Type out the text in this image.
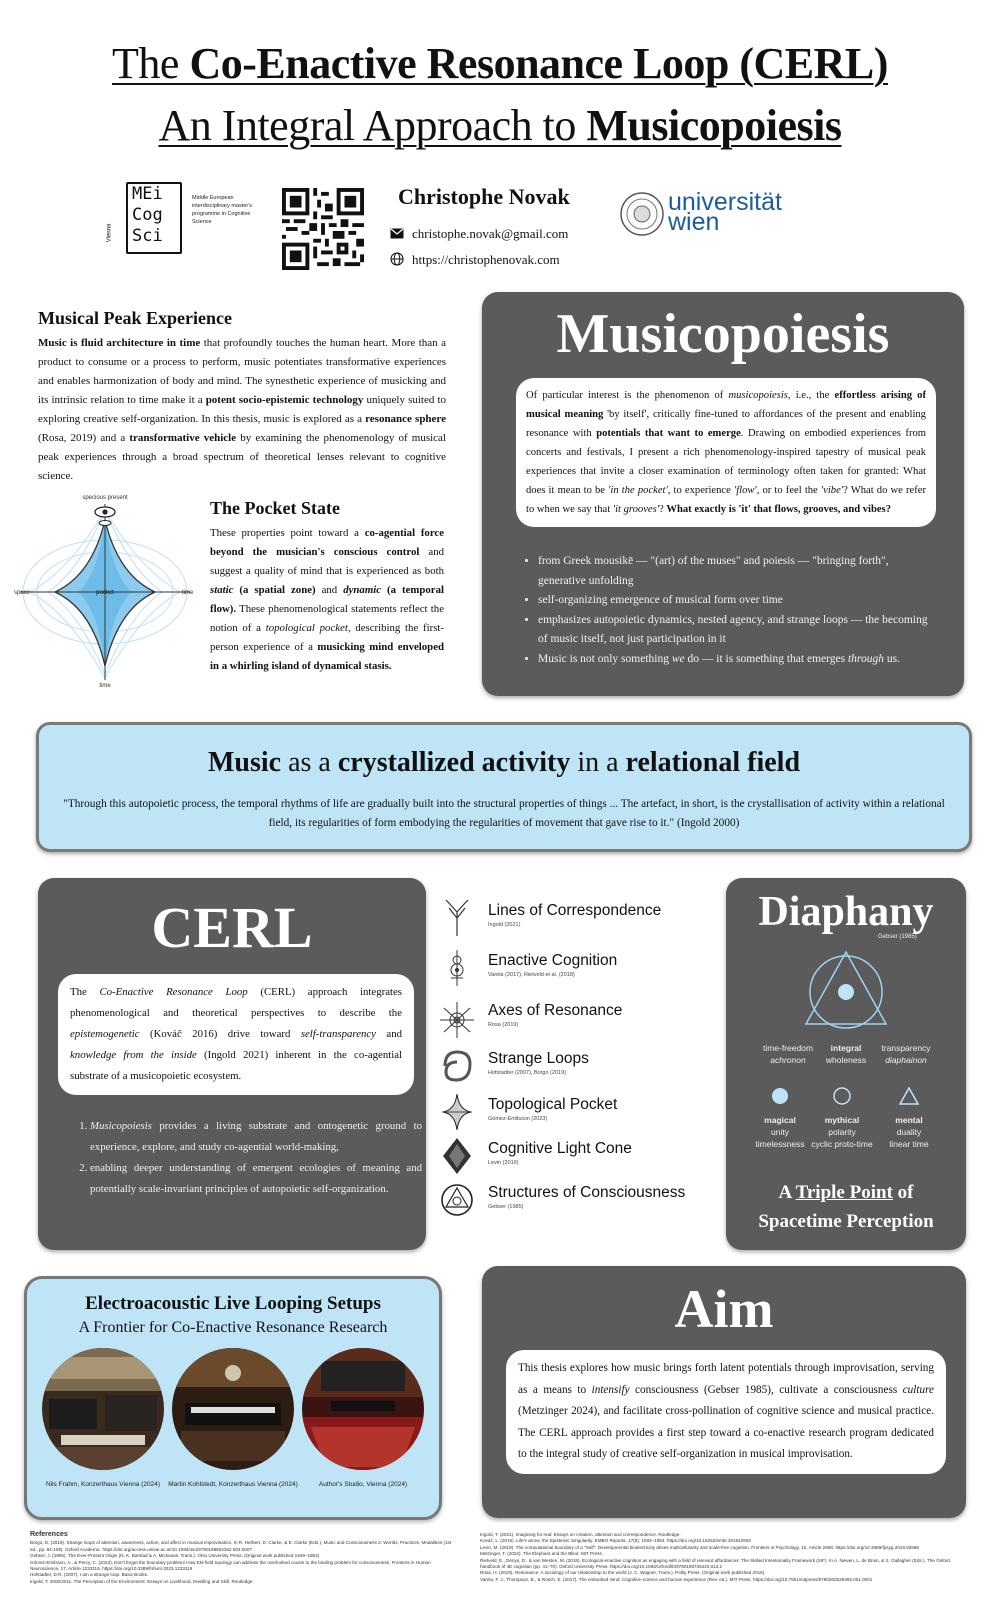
The Co-Enactive Resonance Loop (CERL)
An Integral Approach to Musicopoiesis
Vienna
MEi
Cog
Sci
Middle European interdisciplinary master's programme in Cognitive Science
Christophe Novak
christophe.novak@gmail.com
https://christophenovak.com
universität
wien
Musical Peak Experience

Music is fluid architecture in time that profoundly touches the human heart. More than a product to consume or a process to perform, music potentiates transformative experiences and enables harmonization of body and mind. The synesthetic experience of musicking and its intrinsic relation to time make it a potent socio-epistemic technology uniquely suited to exploring creative self-organization. In this thesis, music is explored as a resonance sphere (Rosa, 2019) and a transformative vehicle by examining the phenomenology of musical peak experiences through a broad spectrum of theoretical lenses relevant to cognitive science.

specious present
space	time
time
pocket
The Pocket State

These properties point toward a co-agential force beyond the musician's conscious control and suggest a quality of mind that is experienced as both static (a spatial zone) and dynamic (a temporal flow). These phenomenological statements reflect the notion of a topological pocket, describing the first-person experience of a musicking mind enveloped in a whirling island of dynamical stasis.

Musicopoiesis
Of particular interest is the phenomenon of musicopoiesis, i.e., the effortless arising of musical meaning 'by itself', critically fine-tuned to affordances of the present and enabling resonance with potentials that want to emerge. Drawing on embodied experiences from concerts and festivals, I present a rich phenomenology-inspired tapestry of musical peak experiences that invite a closer examination of terminology often taken for granted: What does it mean to be 'in the pocket', to experience 'flow', or to feel the 'vibe'? What do we refer to when we say that 'it grooves'? What exactly is 'it' that flows, grooves, and vibes?
• from Greek mousikē — "(art) of the muses" and poiesis — "bringing forth", generative unfolding
• self-organizing emergence of musical form over time
• emphasizes autopoietic dynamics, nested agency, and strange loops — the becoming of music itself, not just participation in it
• Music is not only something we do — it is something that emerges through us.
Music as a crystallized activity in a relational field

"Through this autopoietic process, the temporal rhythms of life are gradually built into the structural properties of things ... The artefact, in short, is the crystallisation of activity within a relational field, its regularities of form embodying the regularities of movement that gave rise to it." (Ingold 2000)

CERL
The Co-Enactive Resonance Loop (CERL) approach integrates phenomenological and theoretical perspectives to describe the epistemogenetic (Kováč 2016) drive toward self-transparency and knowledge from the inside (Ingold 2021) inherent in the co-agential substrate of a musicopoietic ecosystem.
1. Musicopoiesis provides a living substrate and ontogenetic ground to experience, explore, and study co-agential world-making,
2. enabling deeper understanding of emergent ecologies of meaning and potentially scale-invariant principles of autopoietic self-organization.
Lines of Correspondence
Ingold (2021)
Enactive Cognition
Varela (2017), Rietveld et al. (2018)
Axes of Resonance
Rosa (2019)
Strange Loops
Hofstadter (2007), Borgo (2019)
Topological Pocket
Gómez-Emilsson (2023)
Cognitive Light Cone
Levin (2019)
Structures of Consciousness
Gebser (1985)
Diaphany
Gebser (1985)
time-freedom
achronon
integral
wholeness
transparency
diaphainon
magical
unity
timelessness
mythical
polarity
cyclic proto-time
mental
duality
linear time
A Triple Point of
Spacetime Perception
Electroacoustic Live Looping Setups
A Frontier for Co-Enactive Resonance Research
Nils Frahm, Konzerthaus Vienna (2024)	Martin Kohlstedt, Konzerthaus Vienna (2024)	Author's Studio, Vienna (2024)
Aim
This thesis explores how music brings forth latent potentials through improvisation, serving as a means to intensify consciousness (Gebser 1985), cultivate a consciousness culture (Metzinger 2024), and facilitate cross-pollination of cognitive science and musical practice. The CERL approach provides a first step toward a co-enactive research program dedicated to the integral study of creative self-organization in musical improvisation.
References
Borgo, D. (2019). Strange loops of attention, awareness, action, and affect in musical improvisation. In R. Herbert, D. Clarke, & E. Clarke (Eds.), Music and Consciousness 2: Worlds, Practices, Modalities (1st ed., pp. 94-109). Oxford Academic. https://doi.org/access.univie.ac.at/10.1093/oso/9780198804352.003.0007
Gebser, J. (1985). The Ever-Present Origin (N. K. Barstad & A. Mickunas, Trans.). Ohio University Press. (Original work published 1949–1953)
Gómez-Emilsson, A., & Percy, C. (2023). Don't forget the boundary problem! How EM field topology can address the overlooked cousin to the binding problem for consciousness. Frontiers in Human Neuroscience, 17, Article 1233119. https://doi.org/10.3389/fnhum.2023.1233119
Hofstadter, D.R. (2007). I am a strange loop. Basic Books.
Ingold, T. 2000/2011. The Perception of the Environment: Essays on Livelihood, Dwelling and Skill. Routledge
Ingold, T. (2021). Imagining for real: Essays on creation, attention and correspondence. Routledge.
Kováč, L. (2016). Life's arrow: the Epistemic Singularity. EMBO Reports, 17(8), 1083–1084. https://doi.org/10.15252/embr.201642902
Levin, M. (2019). The computational boundary of a "Self": Developmental bioelectricity drives multicellularity and scale-free cognition. Frontiers in Psychology, 10, Article 2688. https://doi.org/10.3389/fpsyg.2019.02688
Metzinger, T. (2024). The Elephant and the Blind. MIT Press.
Rietveld, E., Denys, D., & van Westen, M. (2018). Ecological-enactive cognition as engaging with a field of relevant affordances: The Skilled Intentionality Framework (SIF). In A. Newen, L. de Bruin, & S. Gallagher (Eds.), The Oxford handbook of 4E cognition (pp. 41–70). Oxford University Press. https://doi.org/10.1093/oxfordhb/9780198735410.013.2
Rosa, H. (2019). Resonance: A sociology of our relationship to the world (J. C. Wagner, Trans.). Polity Press. (Original work published 2016)
Varela, F. J., Thompson, E., & Rosch, E. (2017). The embodied mind: Cognitive science and human experience (Rev. ed.). MIT Press. https://doi.org/10.7551/mitpress/9780262529365.001.0001
